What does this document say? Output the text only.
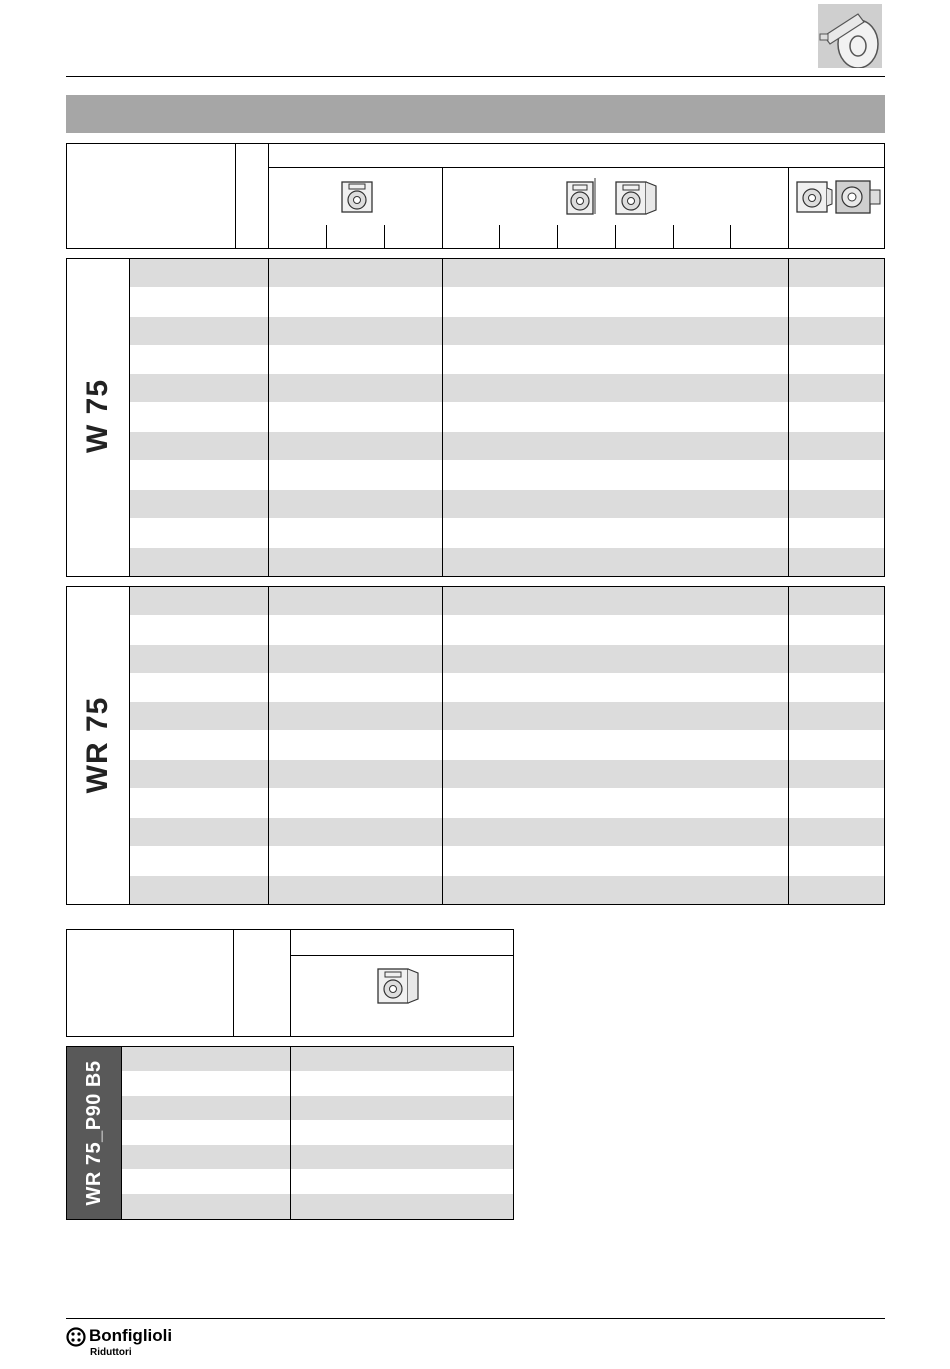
W 75
WR 75
WR 75_P90 B5
Bonfiglioli
Riduttori
